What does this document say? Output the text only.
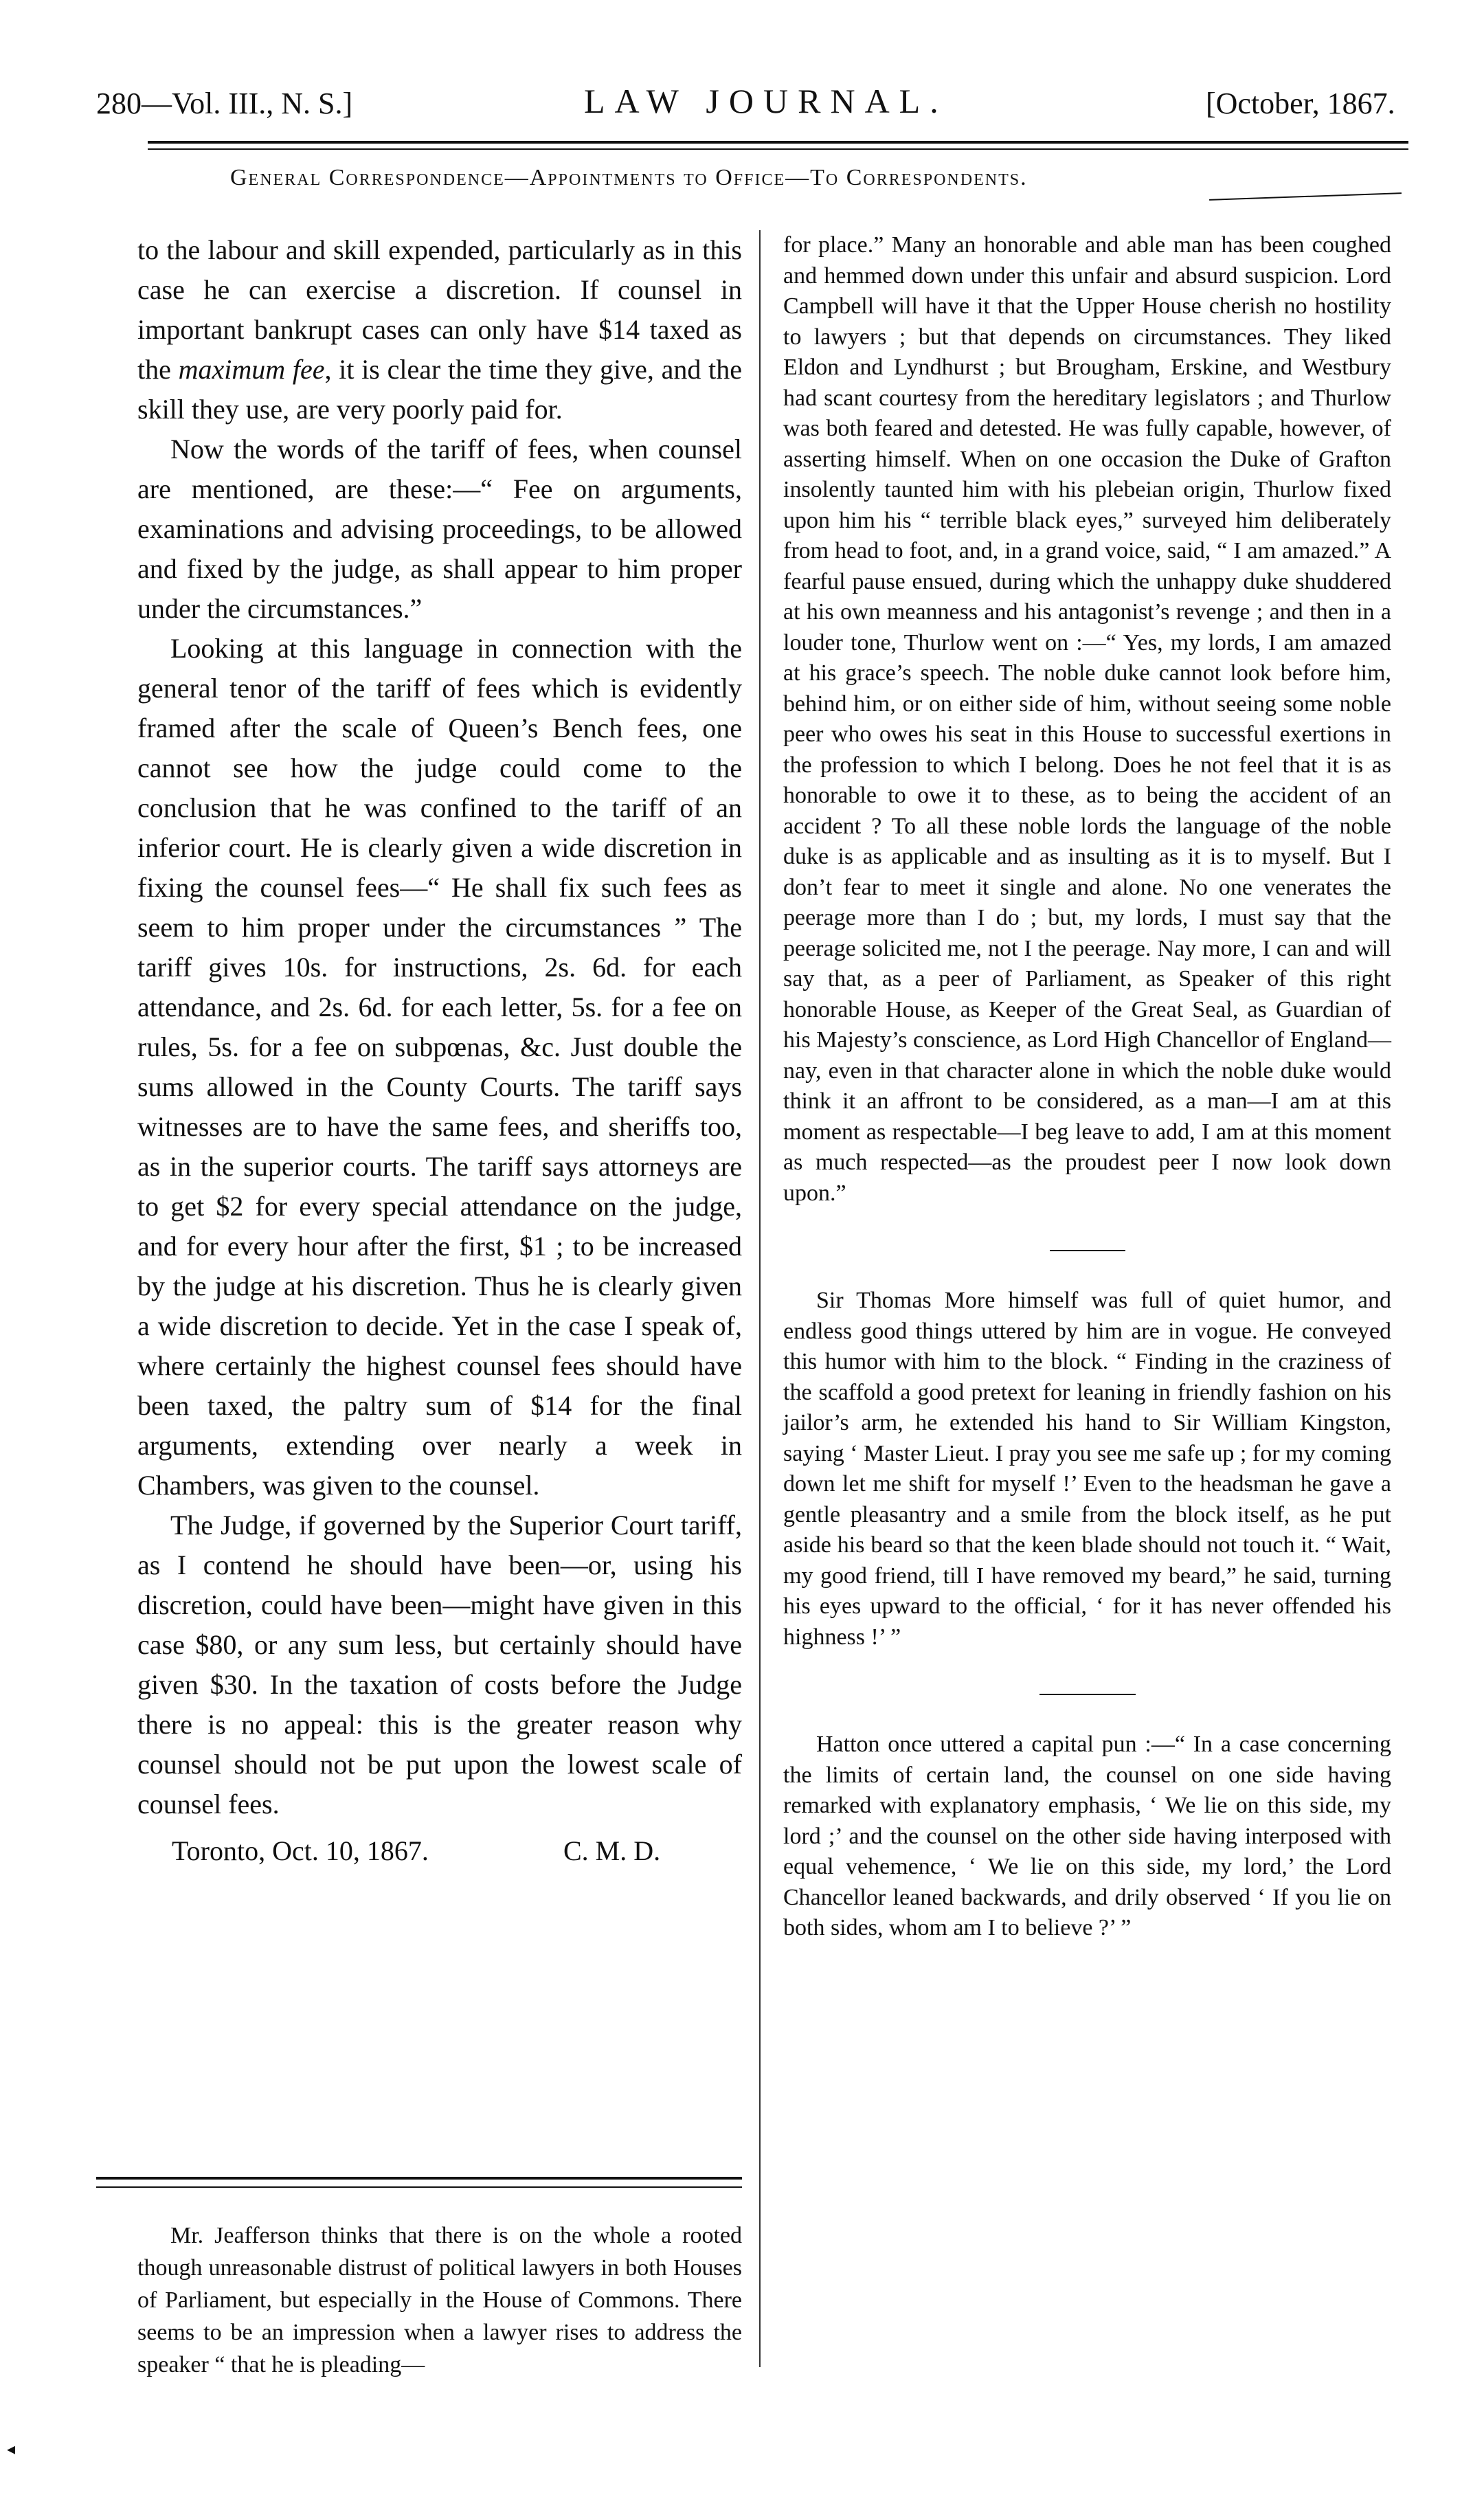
280—Vol. III., N. S.]	LAW JOURNAL.	[October, 1867.
General Correspondence—Appointments to Office—To Correspondents.

to the labour and skill expended, particularly as in this case he can exercise a discretion. If counsel in important bankrupt cases can only have $14 taxed as the maximum fee, it is clear the time they give, and the skill they use, are very poorly paid for.

Now the words of the tariff of fees, when counsel are mentioned, are these:—“ Fee on arguments, examinations and advising proceedings, to be allowed and fixed by the judge, as shall appear to him proper under the circumstances.”

Looking at this language in connection with the general tenor of the tariff of fees which is evidently framed after the scale of Queen’s Bench fees, one cannot see how the judge could come to the conclusion that he was confined to the tariff of an inferior court. He is clearly given a wide discretion in fixing the counsel fees—“ He shall fix such fees as seem to him proper under the circumstances ” The tariff gives 10s. for instructions, 2s. 6d. for each attendance, and 2s. 6d. for each letter, 5s. for a fee on rules, 5s. for a fee on subpœnas, &c. Just double the sums allowed in the County Courts. The tariff says witnesses are to have the same fees, and sheriffs too, as in the superior courts. The tariff says attorneys are to get $2 for every special attendance on the judge, and for every hour after the first, $1 ; to be increased by the judge at his discretion. Thus he is clearly given a wide discretion to decide. Yet in the case I speak of, where certainly the highest counsel fees should have been taxed, the paltry sum of $14 for the final arguments, extending over nearly a week in Chambers, was given to the counsel.

The Judge, if governed by the Superior Court tariff, as I contend he should have been—or, using his discretion, could have been—might have given in this case $80, or any sum less, but certainly should have given $30. In the taxation of costs before the Judge there is no appeal: this is the greater reason why counsel should not be put upon the lowest scale of counsel fees.

Toronto, Oct. 10, 1867.	C. M. D.

Mr. Jeafferson thinks that there is on the whole a rooted though unreasonable distrust of political lawyers in both Houses of Parliament, but especially in the House of Commons. There seems to be an impression when a lawyer rises to address the speaker “ that he is pleading—

for place.” Many an honorable and able man has been coughed and hemmed down under this unfair and absurd suspicion. Lord Campbell will have it that the Upper House cherish no hostility to lawyers ; but that depends on circumstances. They liked Eldon and Lyndhurst ; but Brougham, Erskine, and Westbury had scant courtesy from the hereditary legislators ; and Thurlow was both feared and detested. He was fully capable, however, of asserting himself. When on one occasion the Duke of Grafton insolently taunted him with his plebeian origin, Thurlow fixed upon him his “ terrible black eyes,” surveyed him deliberately from head to foot, and, in a grand voice, said, “ I am amazed.” A fearful pause ensued, during which the unhappy duke shuddered at his own meanness and his antagonist’s revenge ; and then in a louder tone, Thurlow went on :—“ Yes, my lords, I am amazed at his grace’s speech. The noble duke cannot look before him, behind him, or on either side of him, without seeing some noble peer who owes his seat in this House to successful exertions in the profession to which I belong. Does he not feel that it is as honorable to owe it to these, as to being the accident of an accident ? To all these noble lords the language of the noble duke is as applicable and as insulting as it is to myself. But I don’t fear to meet it single and alone. No one venerates the peerage more than I do ; but, my lords, I must say that the peerage solicited me, not I the peerage. Nay more, I can and will say that, as a peer of Parliament, as Speaker of this right honorable House, as Keeper of the Great Seal, as Guardian of his Majesty’s conscience, as Lord High Chancellor of England—nay, even in that character alone in which the noble duke would think it an affront to be considered, as a man—I am at this moment as respectable—I beg leave to add, I am at this moment as much respected—as the proudest peer I now look down upon.”

Sir Thomas More himself was full of quiet humor, and endless good things uttered by him are in vogue. He conveyed this humor with him to the block. “ Finding in the craziness of the scaffold a good pretext for leaning in friendly fashion on his jailor’s arm, he extended his hand to Sir William Kingston, saying ‘ Master Lieut. I pray you see me safe up ; for my coming down let me shift for myself !’ Even to the headsman he gave a gentle pleasantry and a smile from the block itself, as he put aside his beard so that the keen blade should not touch it. “ Wait, my good friend, till I have removed my beard,” he said, turning his eyes upward to the official, ‘ for it has never offended his highness !’ ”

Hatton once uttered a capital pun :—“ In a case concerning the limits of certain land, the counsel on one side having remarked with explanatory emphasis, ‘ We lie on this side, my lord ;’ and the counsel on the other side having interposed with equal vehemence, ‘ We lie on this side, my lord,’ the Lord Chancellor leaned backwards, and drily observed ‘ If you lie on both sides, whom am I to believe ?’ ”

◂
